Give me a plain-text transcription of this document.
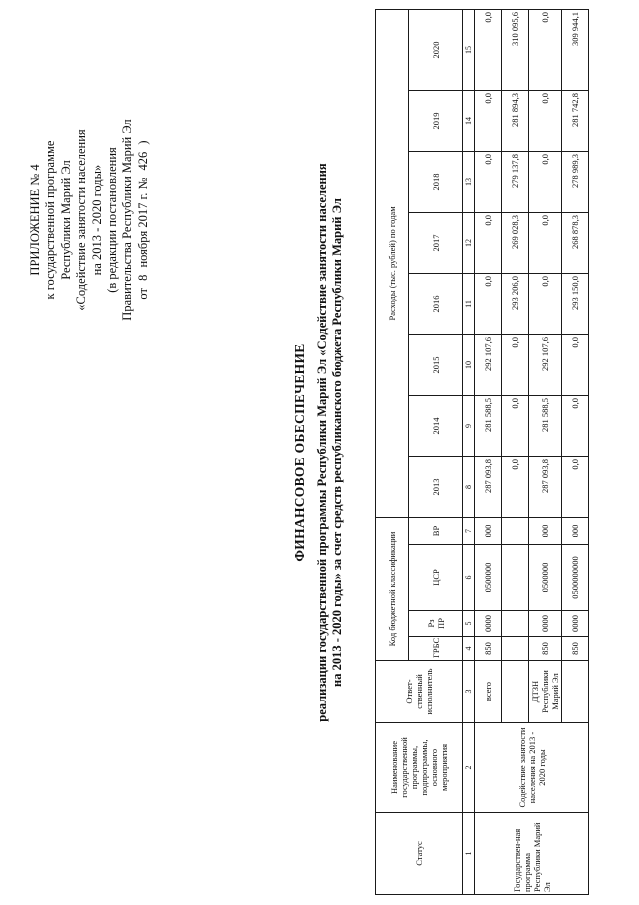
ПРИЛОЖЕНИЕ № 4 к государственной программе Республики Марий Эл «Содействие занятости населения на 2013 - 2020 годы» (в редакции постановления Правительства Республики Марий Эл от 8 ноября 2017 г. № 426 )
ФИНАНСОВОЕ ОБЕСПЕЧЕНИЕ реализации государственной программы Республики Марий Эл «Содействие занятости населения на 2013 - 2020 годы» за счет средств республиканского бюджета Республики Марий Эл
Статус	Наименование государственной программы, подпрограммы, основного мероприятия	Ответ-ственный исполнитель	Код бюджетной классификации				Расходы (тыс. рублей) по годам							
			ГРБС	Рз ПР	ЦСР	ВР	2013	2014	2015	2016	2017	2018	2019	2020
1	2	3	4	5	6	7	8	9	10	11	12	13	14	15
Государствен-ная программа Республики Марий Эл	Содействие занятости населения на 2013 - 2020 годы	всего	850	0000	0500000	000	287 093,8	281 588,5	292 107,6	0,0	0,0	0,0	0,0	0,0
							0,0	0,0	0,0	293 206,0	269 028,3	279 137,8	281 894,3	310 095,6
		ДТЗН Республики Марий Эл	850	0000	0500000	000	287 093,8	281 588,5	292 107,6	0,0	0,0	0,0	0,0	0,0
			850	0000	0500000000	000	0,0	0,0	0,0	293 150,0	268 878,3	278 989,3	281 742,8	309 944,1
